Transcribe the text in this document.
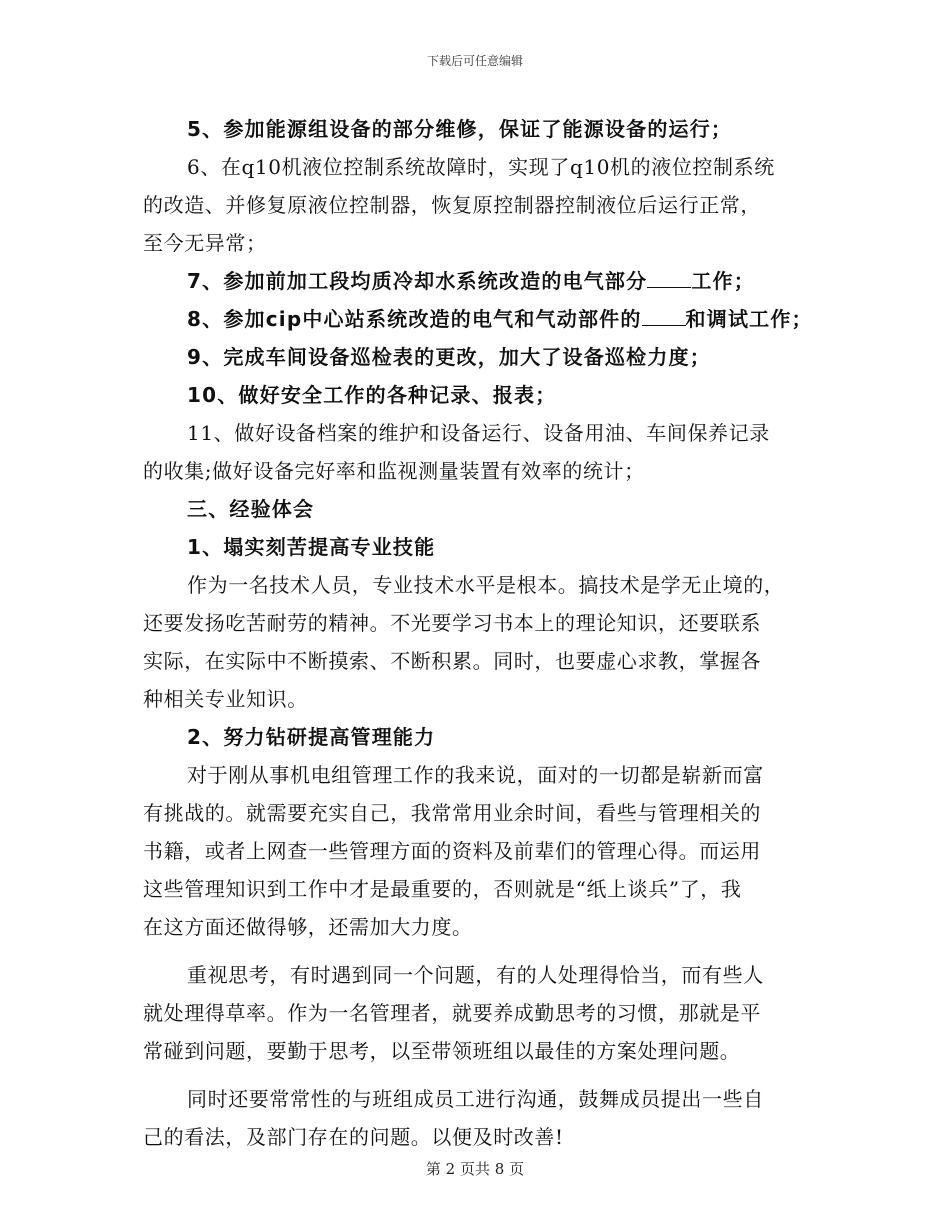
下载后可任意编辑
5、参加能源组设备的部分维修，保证了能源设备的运行；
6、在q10机液位控制系统故障时，实现了q10机的液位控制系统
的改造、并修复原液位控制器，恢复原控制器控制液位后运行正常，
至今无异常；
7、参加前加工段均质冷却水系统改造的电气部分 工作；
8、参加cip中心站系统改造的电气和气动部件的 和调试工作；
9、完成车间设备巡检表的更改，加大了设备巡检力度；
10、做好安全工作的各种记录、报表；
11、做好设备档案的维护和设备运行、设备用油、车间保养记录
的收集;做好设备完好率和监视测量装置有效率的统计；
三、经验体会
1、塌实刻苦提高专业技能
作为一名技术人员，专业技术水平是根本。搞技术是学无止境的，
还要发扬吃苦耐劳的精神。不光要学习书本上的理论知识，还要联系
实际，在实际中不断摸索、不断积累。同时，也要虚心求教，掌握各
种相关专业知识。
2、努力钻研提高管理能力
对于刚从事机电组管理工作的我来说，面对的一切都是崭新而富
有挑战的。就需要充实自己，我常常用业余时间，看些与管理相关的
书籍，或者上网查一些管理方面的资料及前辈们的管理心得。而运用
这些管理知识到工作中才是最重要的，否则就是“纸上谈兵”了，我
在这方面还做得够，还需加大力度。
重视思考，有时遇到同一个问题，有的人处理得恰当，而有些人
就处理得草率。作为一名管理者，就要养成勤思考的习惯，那就是平
常碰到问题，要勤于思考，以至带领班组以最佳的方案处理问题。
同时还要常常性的与班组成员工进行沟通，鼓舞成员提出一些自
己的看法，及部门存在的问题。以便及时改善!
第 2 页共 8 页
